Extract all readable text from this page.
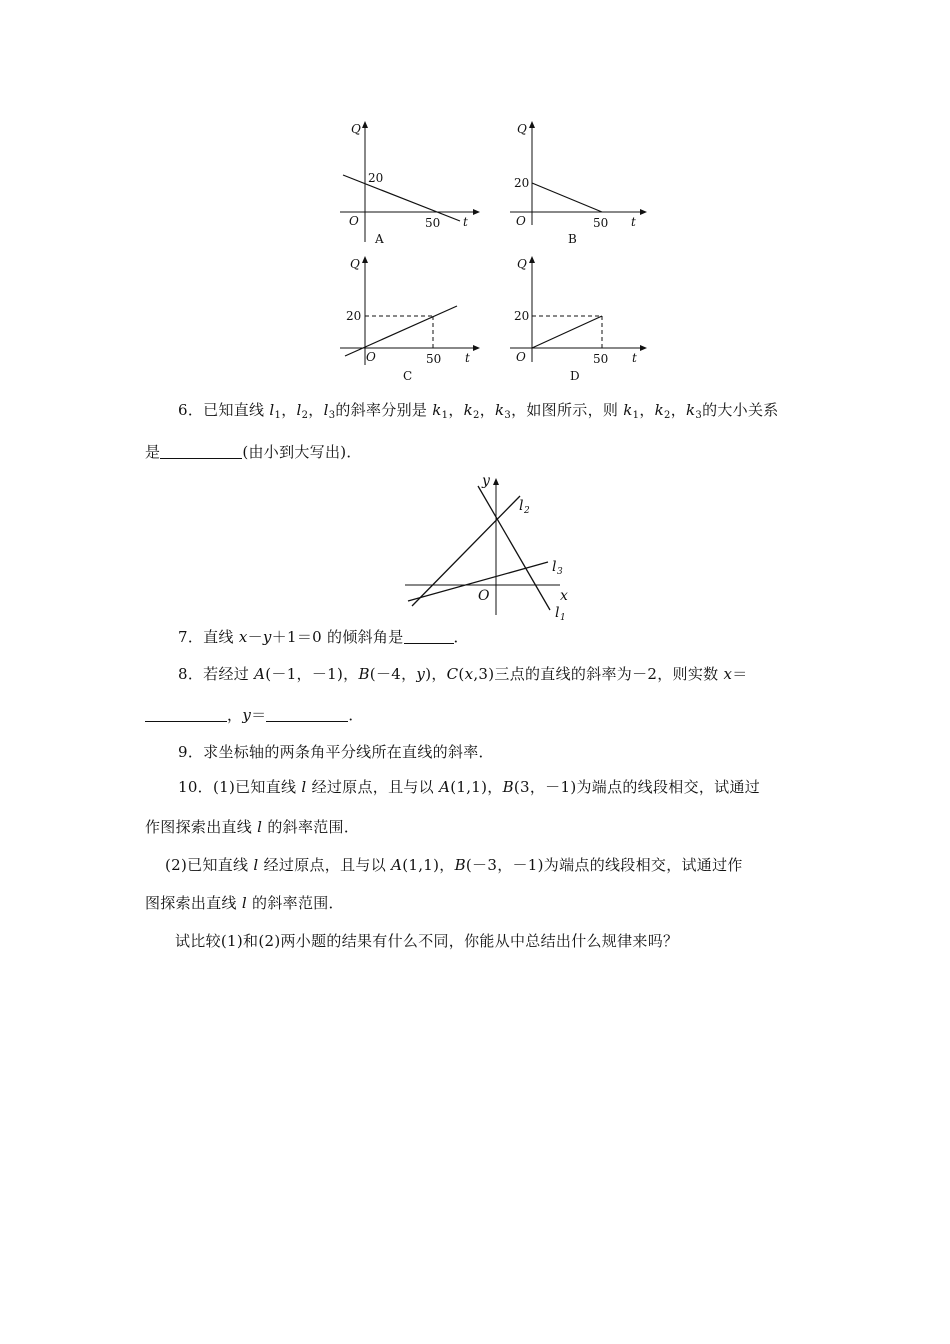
Q
t
O
20
50
A
Q
t
O
20
50
B
Q
t
O
20
50
C
Q
t
O
20
50
D
6．已知直线 $l_1$，$l_2$，$l_3$的斜率分别是 $k_1$，$k_2$，$k_3$，如图所示，则 $k_1$，$k_2$，$k_3$的大小关系
是	(由小到大写出)．
y
x
O
l 2
l 3
l 1
7．直线 x－y＋1＝0 的倾斜角是	．
8．若经过 A(－1，－1)，B(－4，y)，C(x,3)三点的直线的斜率为－2，则实数 x＝
，y＝	．
9．求坐标轴的两条角平分线所在直线的斜率．
10．(1)已知直线 l 经过原点，且与以 A(1,1)，B(3，－1)为端点的线段相交，试通过
作图探索出直线 l 的斜率范围．
(2)已知直线 l 经过原点，且与以 A(1,1)，B(－3，－1)为端点的线段相交，试通过作
图探索出直线 l 的斜率范围．
试比较(1)和(2)两小题的结果有什么不同，你能从中总结出什么规律来吗？
